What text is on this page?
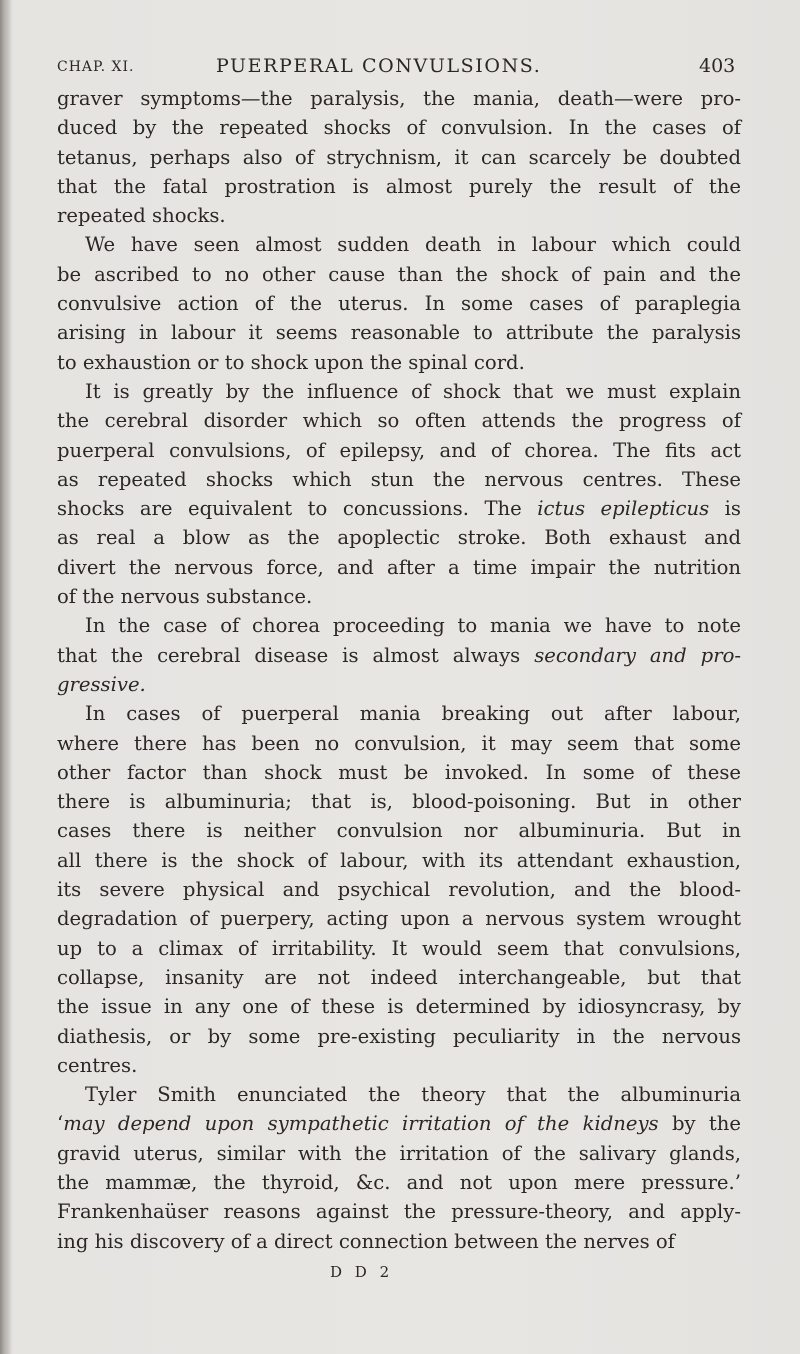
CHAP. XI.	PUERPERAL CONVULSIONS.	403
graver symptoms—the paralysis, the mania, death—were pro-
duced by the repeated shocks of convulsion. In the cases of
tetanus, perhaps also of strychnism, it can scarcely be doubted
that the fatal prostration is almost purely the result of the
repeated shocks.
We have seen almost sudden death in labour which could
be ascribed to no other cause than the shock of pain and the
convulsive action of the uterus. In some cases of paraplegia
arising in labour it seems reasonable to attribute the paralysis
to exhaustion or to shock upon the spinal cord.
It is greatly by the influence of shock that we must explain
the cerebral disorder which so often attends the progress of
puerperal convulsions, of epilepsy, and of chorea. The fits act
as repeated shocks which stun the nervous centres. These
shocks are equivalent to concussions. The ictus epilepticus is
as real a blow as the apoplectic stroke. Both exhaust and
divert the nervous force, and after a time impair the nutrition
of the nervous substance.
In the case of chorea proceeding to mania we have to note
that the cerebral disease is almost always secondary and pro-
gressive.
In cases of puerperal mania breaking out after labour,
where there has been no convulsion, it may seem that some
other factor than shock must be invoked. In some of these
there is albuminuria; that is, blood-poisoning. But in other
cases there is neither convulsion nor albuminuria. But in
all there is the shock of labour, with its attendant exhaustion,
its severe physical and psychical revolution, and the blood-
degradation of puerpery, acting upon a nervous system wrought
up to a climax of irritability. It would seem that convulsions,
collapse, insanity are not indeed interchangeable, but that
the issue in any one of these is determined by idiosyncrasy, by
diathesis, or by some pre-existing peculiarity in the nervous
centres.
Tyler Smith enunciated the theory that the albuminuria
‘may depend upon sympathetic irritation of the kidneys by the
gravid uterus, similar with the irritation of the salivary glands,
the mammæ, the thyroid, &c. and not upon mere pressure.’
Frankenhaüser reasons against the pressure-theory, and apply-
ing his discovery of a direct connection between the nerves of
D D 2
